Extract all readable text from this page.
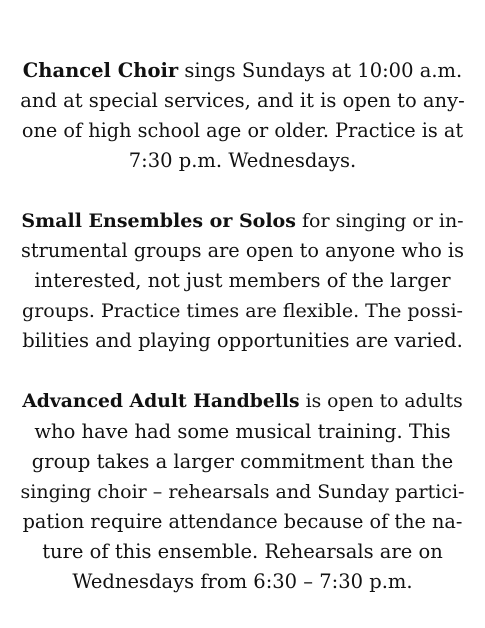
Chancel Choir sings Sundays at 10:00 a.m.
and at special services, and it is open to any-
one of high school age or older. Practice is at
7:30 p.m. Wednesdays.
Small Ensembles or Solos for singing or in-
strumental groups are open to anyone who is
interested, not just members of the larger
groups. Practice times are flexible. The possi-
bilities and playing opportunities are varied.
Advanced Adult Handbells is open to adults
who have had some musical training. This
group takes a larger commitment than the
singing choir – rehearsals and Sunday partici-
pation require attendance because of the na-
ture of this ensemble. Rehearsals are on
Wednesdays from 6:30 – 7:30 p.m.
